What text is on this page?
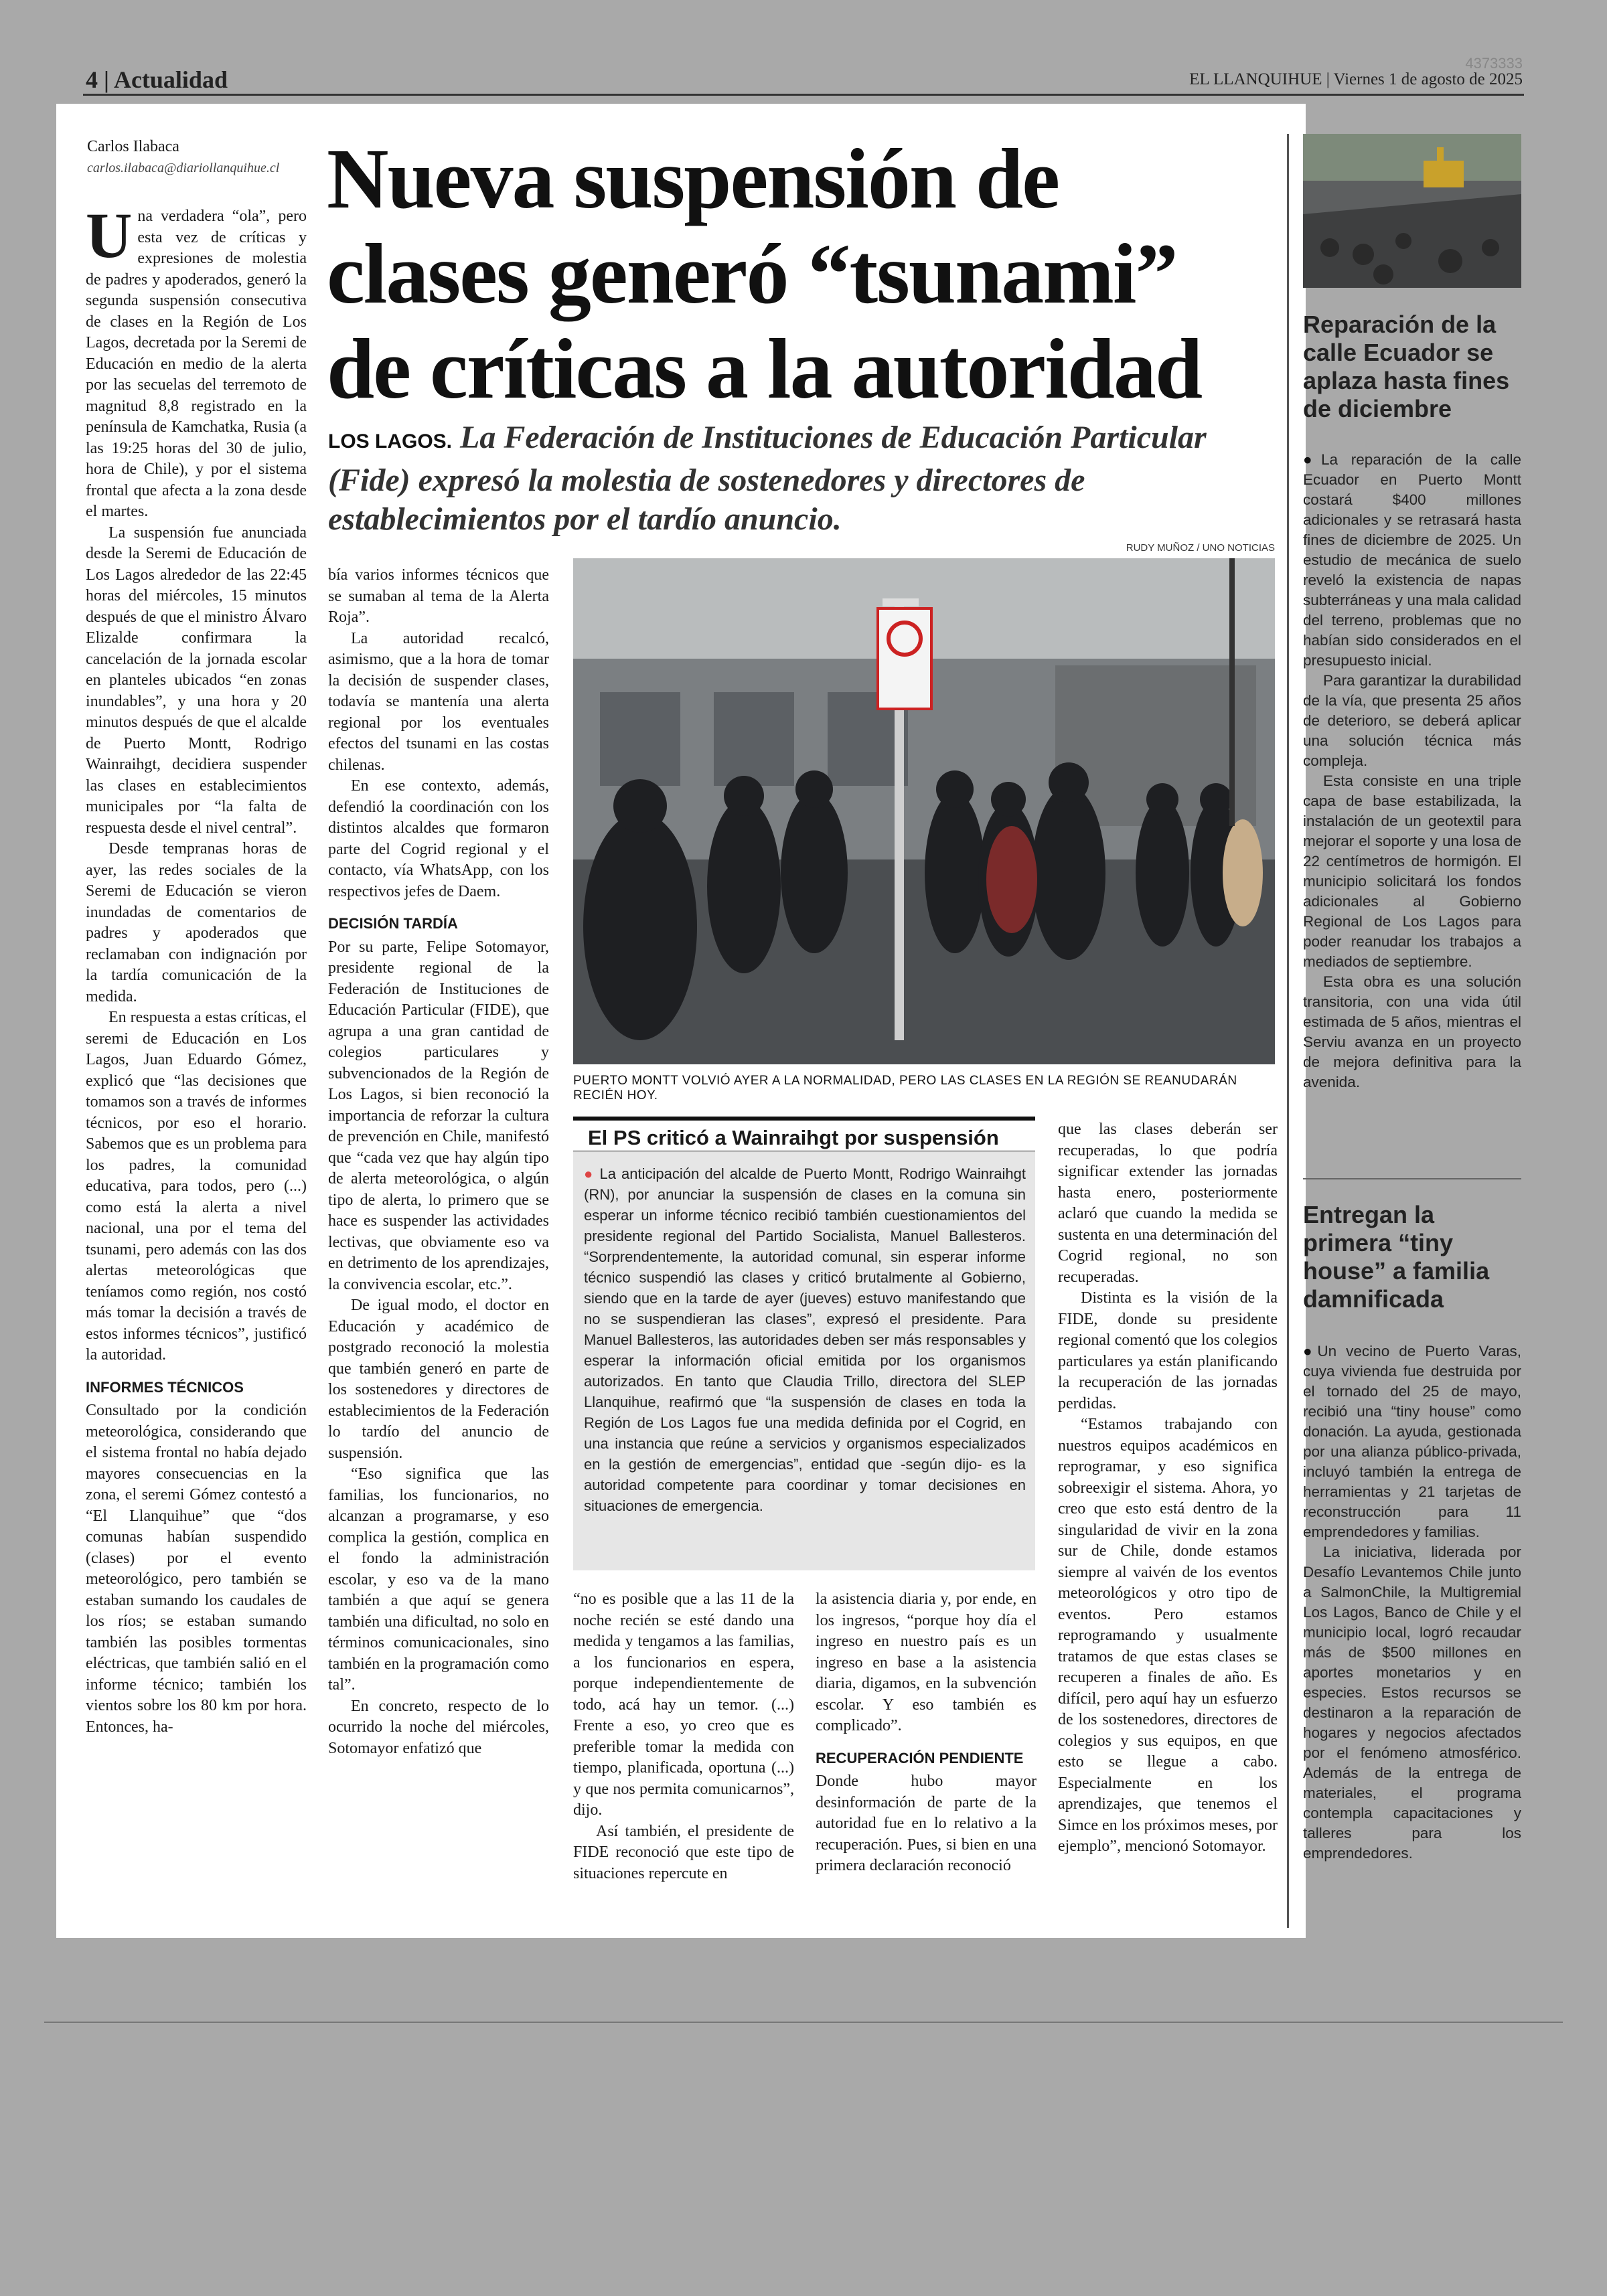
4 | Actualidad
4373333
EL LLANQUIHUE | Viernes 1 de agosto de 2025
Carlos Ilabaca
carlos.ilabaca@diariollanquihue.cl Nueva suspensión de clases generó “tsunami” de críticas a la autoridad
LOS LAGOS. La Federación de Instituciones de Educación Particular (Fide) expresó la molestia de sostenedores y directores de establecimientos por el tardío anuncio.
U na verdadera “ola”, pero esta vez de críticas y expresiones de molestia de padres y apoderados, generó la segunda suspensión consecutiva de clases en la Región de Los Lagos, decretada por la Seremi de Educación en medio de la alerta por las secuelas del terremoto de magnitud 8,8 registrado en la península de Kamchatka, Rusia (a las 19:25 horas del 30 de julio, hora de Chile), y por el sistema frontal que afecta a la zona desde el martes.

La suspensión fue anunciada desde la Seremi de Educación de Los Lagos alrededor de las 22:45 horas del miércoles, 15 minutos después de que el ministro Álvaro Elizalde confirmara la cancelación de la jornada escolar en planteles ubicados “en zonas inundables”, y una hora y 20 minutos después de que el alcalde de Puerto Montt, Rodrigo Wainraihgt, decidiera suspender las clases en establecimientos municipales por “la falta de respuesta desde el nivel central”.

Desde tempranas horas de ayer, las redes sociales de la Seremi de Educación se vieron inundadas de comentarios de padres y apoderados que reclamaban con indignación por la tardía comunicación de la medida.

En respuesta a estas críticas, el seremi de Educación en Los Lagos, Juan Eduardo Gómez, explicó que “las decisiones que tomamos son a través de informes técnicos, por eso el horario. Sabemos que es un problema para los padres, la comunidad educativa, para todos, pero (...) como está la alerta a nivel nacional, una por el tema del tsunami, pero además con las dos alertas meteorológicas que teníamos como región, nos costó más tomar la decisión a través de estos informes técnicos”, justificó la autoridad.

INFORMES TÉCNICOS

Consultado por la condición meteorológica, considerando que el sistema frontal no había dejado mayores consecuencias en la zona, el seremi Gómez contestó a “El Llanquihue” que “dos comunas habían suspendido (clases) por el evento meteorológico, pero también se estaban sumando los caudales de los ríos; se estaban sumando también las posibles tormentas eléctricas, que también salió en el informe técnico; también los vientos sobre los 80 km por hora. Entonces, ha-

bía varios informes técnicos que se sumaban al tema de la Alerta Roja”.

La autoridad recalcó, asimismo, que a la hora de tomar la decisión de suspender clases, todavía se mantenía una alerta regional por los eventuales efectos del tsunami en las costas chilenas.

En ese contexto, además, defendió la coordinación con los distintos alcaldes que formaron parte del Cogrid regional y el contacto, vía WhatsApp, con los respectivos jefes de Daem.

DECISIÓN TARDÍA

Por su parte, Felipe Sotomayor, presidente regional de la Federación de Instituciones de Educación Particular (FIDE), que agrupa a una gran cantidad de colegios particulares y subvencionados de la Región de Los Lagos, si bien reconoció la importancia de reforzar la cultura de prevención en Chile, manifestó que “cada vez que hay algún tipo de alerta meteorológica, o algún tipo de alerta, lo primero que se hace es suspender las actividades lectivas, que obviamente eso va en detrimento de los aprendizajes, la convivencia escolar, etc.”.

De igual modo, el doctor en Educación y académico de postgrado reconoció la molestia que también generó en parte de los sostenedores y directores de establecimientos de la Federación lo tardío del anuncio de suspensión.

“Eso significa que las familias, los funcionarios, no alcanzan a programarse, y eso complica la gestión, complica en el fondo la administración escolar, y eso va de la mano también a que aquí se genera también una dificultad, no solo en términos comunicacionales, sino también en la programación como tal”.

En concreto, respecto de lo ocurrido la noche del miércoles, Sotomayor enfatizó que

RUDY MUÑOZ / UNO NOTICIAS
PUERTO MONTT VOLVIÓ AYER A LA NORMALIDAD, PERO LAS CLASES EN LA REGIÓN SE REANUDARÁN RECIÉN HOY.
El PS criticó a Wainraihgt por suspensión
● La anticipación del alcalde de Puerto Montt, Rodrigo Wainraihgt (RN), por anunciar la suspensión de clases en la comuna sin esperar un informe técnico recibió también cuestionamientos del presidente regional del Partido Socialista, Manuel Ballesteros. “Sorprendentemente, la autoridad comunal, sin esperar informe técnico suspendió las clases y criticó brutalmente al Gobierno, siendo que en la tarde de ayer (jueves) estuvo manifestando que no se suspendieran las clases”, expresó el presidente. Para Manuel Ballesteros, las autoridades deben ser más responsables y esperar la información oficial emitida por los organismos autorizados. En tanto que Claudia Trillo, directora del SLEP Llanquihue, reafirmó que “la suspensión de clases en toda la Región de Los Lagos fue una medida definida por el Cogrid, en una instancia que reúne a servicios y organismos especializados en la gestión de emergencias”, entidad que -según dijo- es la autoridad competente para coordinar y tomar decisiones en situaciones de emergencia.

“no es posible que a las 11 de la noche recién se esté dando una medida y tengamos a las familias, a los funcionarios en espera, porque independientemente de todo, acá hay un temor. (...) Frente a eso, yo creo que es preferible tomar la medida con tiempo, planificada, oportuna (...) y que nos permita comunicarnos”, dijo.

Así también, el presidente de FIDE reconoció que este tipo de situaciones repercute en

la asistencia diaria y, por ende, en los ingresos, “porque hoy día el ingreso en nuestro país es un ingreso en base a la asistencia diaria, digamos, en la subvención escolar. Y eso también es complicado”.

RECUPERACIÓN PENDIENTE

Donde hubo mayor desinformación de parte de la autoridad fue en lo relativo a la recuperación. Pues, si bien en una primera declaración reconoció

que las clases deberán ser recuperadas, lo que podría significar extender las jornadas hasta enero, posteriormente aclaró que cuando la medida se sustenta en una determinación del Cogrid regional, no son recuperadas.

Distinta es la visión de la FIDE, donde su presidente regional comentó que los colegios particulares ya están planificando la recuperación de las jornadas perdidas.

“Estamos trabajando con nuestros equipos académicos en reprogramar, y eso significa sobreexigir el sistema. Ahora, yo creo que esto está dentro de la singularidad de vivir en la zona sur de Chile, donde estamos siempre al vaivén de los eventos meteorológicos y otro tipo de eventos. Pero estamos reprogramando y usualmente tratamos de que estas clases se recuperen a finales de año. Es difícil, pero aquí hay un esfuerzo de los sostenedores, directores de colegios y sus equipos, en que esto se llegue a cabo. Especialmente en los aprendizajes, que tenemos el Simce en los próximos meses, por ejemplo”, mencionó Sotomayor.

Reparación de la calle Ecuador se aplaza hasta fines de diciembre

●La reparación de la calle Ecuador en Puerto Montt costará $400 millones adicionales y se retrasará hasta fines de diciembre de 2025. Un estudio de mecánica de suelo reveló la existencia de napas subterráneas y una mala calidad del terreno, problemas que no habían sido considerados en el presupuesto inicial.

Para garantizar la durabilidad de la vía, que presenta 25 años de deterioro, se deberá aplicar una solución técnica más compleja.

Esta consiste en una triple capa de base estabilizada, la instalación de un geotextil para mejorar el soporte y una losa de 22 centímetros de hormigón. El municipio solicitará los fondos adicionales al Gobierno Regional de Los Lagos para poder reanudar los trabajos a mediados de septiembre.

Esta obra es una solución transitoria, con una vida útil estimada de 5 años, mientras el Serviu avanza en un proyecto de mejora definitiva para la avenida.

Entregan la primera “tiny house” a familia damnificada

●Un vecino de Puerto Varas, cuya vivienda fue destruida por el tornado del 25 de mayo, recibió una “tiny house” como donación. La ayuda, gestionada por una alianza público-privada, incluyó también la entrega de herramientas y 21 tarjetas de reconstrucción para 11 emprendedores y familias.

La iniciativa, liderada por Desafío Levantemos Chile junto a SalmonChile, la Multigremial Los Lagos, Banco de Chile y el municipio local, logró recaudar más de $500 millones en aportes monetarios y en especies. Estos recursos se destinaron a la reparación de hogares y negocios afectados por el fenómeno atmosférico. Además de la entrega de materiales, el programa contempla capacitaciones y talleres para los emprendedores.
